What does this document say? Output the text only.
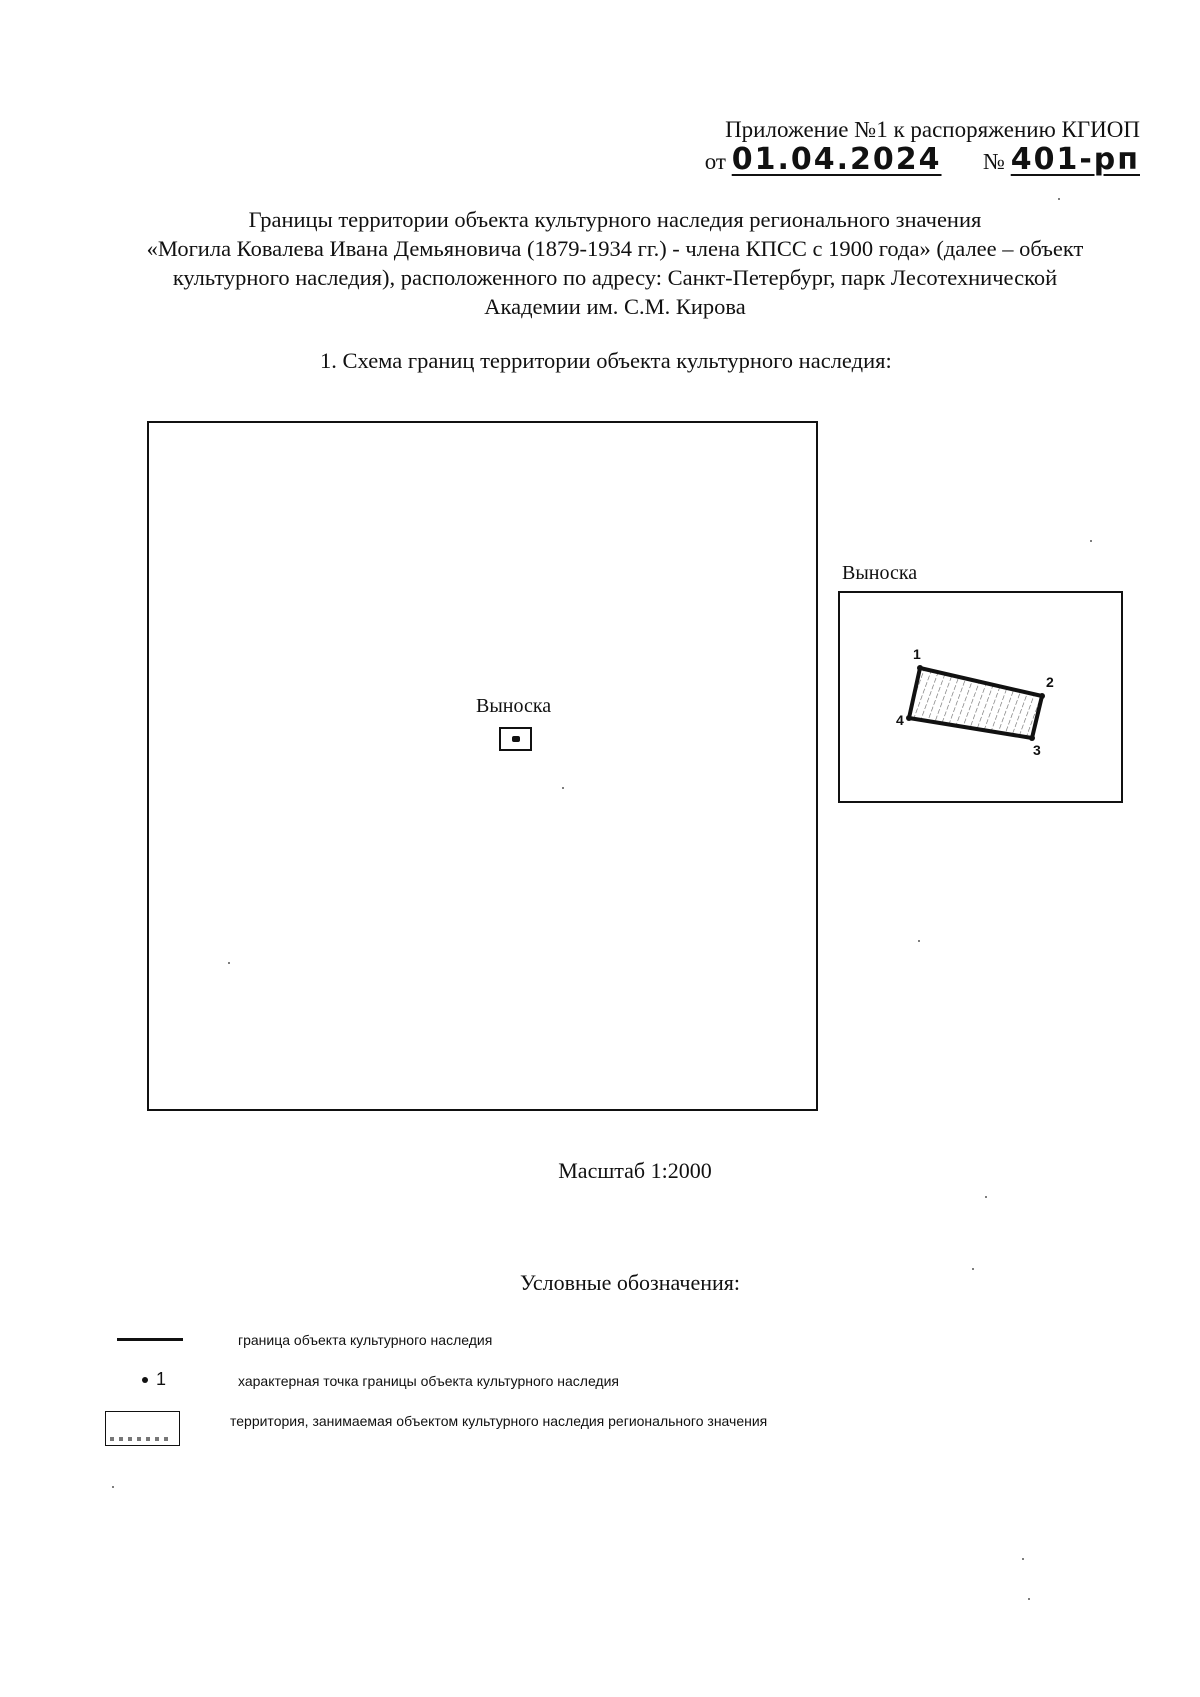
Приложение №1 к распоряжению КГИОП
от 01.04.2024 № 401-рп
Границы территории объекта культурного наследия регионального значения
«Могила Ковалева Ивана Демьяновича (1879-1934 гг.) - члена КПСС с 1900 года» (далее – объект
культурного наследия), расположенного по адресу: Санкт-Петербург, парк Лесотехнической
Академии им. С.М. Кирова
1. Схема границ территории объекта культурного наследия:
Выноска
Выноска
1
2
3
4
Масштаб 1:2000
Условные обозначения:
граница объекта культурного наследия
1	характерная точка границы объекта культурного наследия
территория, занимаемая объектом культурного наследия регионального значения
